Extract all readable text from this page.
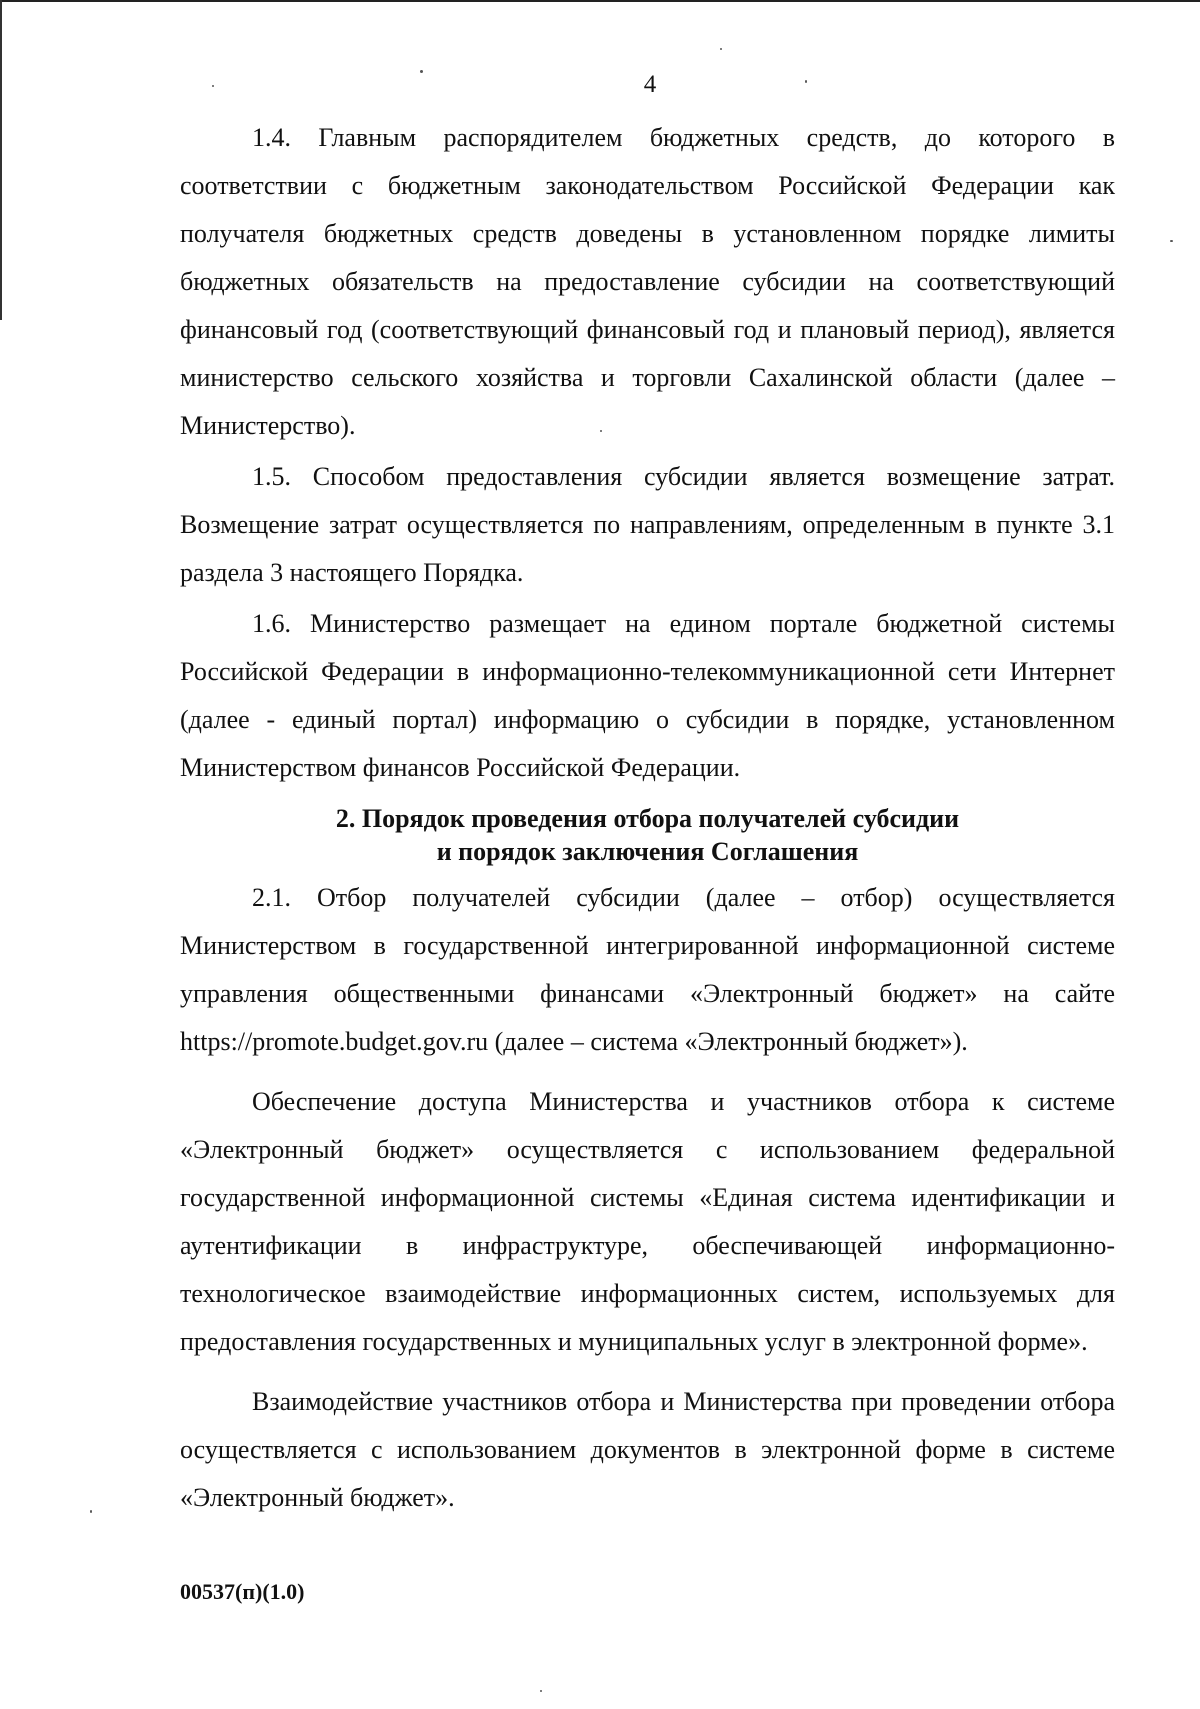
4

1.4. Главным распорядителем бюджетных средств, до которого в соответствии с бюджетным законодательством Российской Федерации как получателя бюджетных средств доведены в установленном порядке лимиты бюджетных обязательств на предоставление субсидии на соответствующий финансовый год (соответствующий финансовый год и плановый период), является министерство сельского хозяйства и торговли Сахалинской области (далее – Министерство).

1.5. Способом предоставления субсидии является возмещение затрат. Возмещение затрат осуществляется по направлениям, определенным в пункте 3.1 раздела 3 настоящего Порядка.

1.6. Министерство размещает на едином портале бюджетной системы Российской Федерации в информационно-телекоммуникационной сети Интернет (далее - единый портал) информацию о субсидии в порядке, установленном Министерством финансов Российской Федерации.

2. Порядок проведения отбора получателей субсидии
и порядок заключения Соглашения

2.1. Отбор получателей субсидии (далее – отбор) осуществляется Министерством в государственной интегрированной информационной системе управления общественными финансами «Электронный бюджет» на сайте https://promote.budget.gov.ru (далее – система «Электронный бюджет»).

Обеспечение доступа Министерства и участников отбора к системе «Электронный бюджет» осуществляется с использованием федеральной государственной информационной системы «Единая система идентификации и аутентификации в инфраструктуре, обеспечивающей информационно-технологическое взаимодействие информационных систем, используемых для предоставления государственных и муниципальных услуг в электронной форме».

Взаимодействие участников отбора и Министерства при проведении отбора осуществляется с использованием документов в электронной форме в системе «Электронный бюджет».

00537(п)(1.0)
